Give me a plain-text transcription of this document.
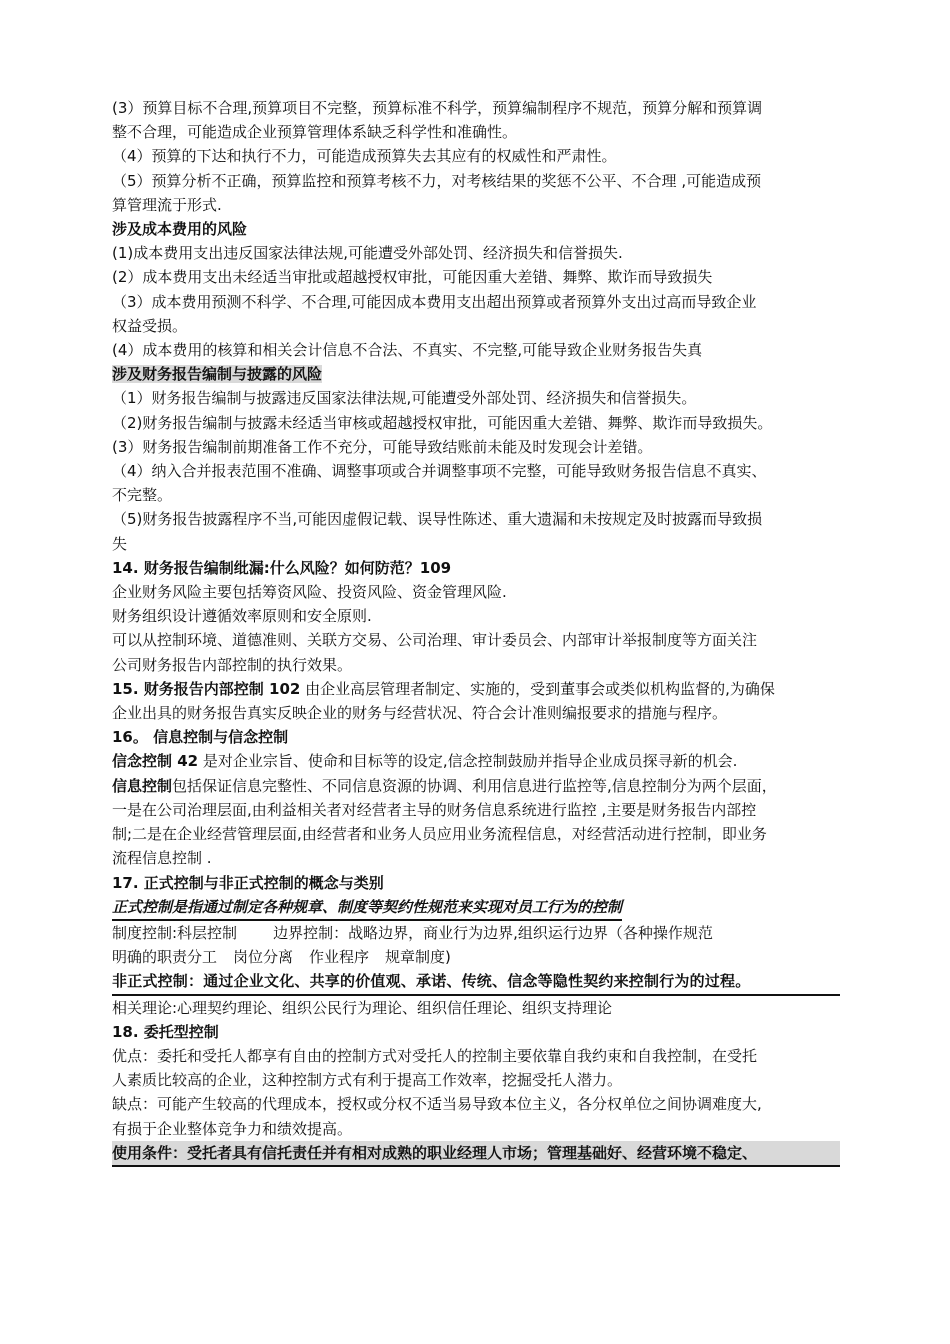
(3）预算目标不合理,预算项目不完整，预算标准不科学，预算编制程序不规范，预算分解和预算调

整不合理，可能造成企业预算管理体系缺乏科学性和准确性。

（4）预算的下达和执行不力，可能造成预算失去其应有的权威性和严肃性。

（5）预算分析不正确，预算监控和预算考核不力，对考核结果的奖惩不公平、不合理 ,可能造成预

算管理流于形式.

涉及成本费用的风险

(1)成本费用支出违反国家法律法规,可能遭受外部处罚、经济损失和信誉损失.

(2）成本费用支出未经适当审批或超越授权审批，可能因重大差错、舞弊、欺诈而导致损失

（3）成本费用预测不科学、不合理,可能因成本费用支出超出预算或者预算外支出过高而导致企业

权益受损。

(4）成本费用的核算和相关会计信息不合法、不真实、不完整,可能导致企业财务报告失真

涉及财务报告编制与披露的风险

（1）财务报告编制与披露违反国家法律法规,可能遭受外部处罚、经济损失和信誉损失。

（2)财务报告编制与披露未经适当审核或超越授权审批，可能因重大差错、舞弊、欺诈而导致损失。

(3）财务报告编制前期准备工作不充分，可能导致结账前未能及时发现会计差错。

（4）纳入合并报表范围不准确、调整事项或合并调整事项不完整，可能导致财务报告信息不真实、

不完整。

（5)财务报告披露程序不当,可能因虚假记载、误导性陈述、重大遗漏和未按规定及时披露而导致损

失

14. 财务报告编制纰漏:什么风险？如何防范？109

企业财务风险主要包括筹资风险、投资风险、资金管理风险.

财务组织设计遵循效率原则和安全原则.

可以从控制环境、道德准则、关联方交易、公司治理、审计委员会、内部审计举报制度等方面关注

公司财务报告内部控制的执行效果。

15. 财务报告内部控制 102 由企业高层管理者制定、实施的，受到董事会或类似机构监督的,为确保

企业出具的财务报告真实反映企业的财务与经营状况、符合会计准则编报要求的措施与程序。

16。 信息控制与信念控制

信念控制 42 是对企业宗旨、使命和目标等的设定,信念控制鼓励并指导企业成员探寻新的机会.

信息控制包括保证信息完整性、不同信息资源的协调、利用信息进行监控等,信息控制分为两个层面，

一是在公司治理层面,由利益相关者对经营者主导的财务信息系统进行监控 ,主要是财务报告内部控

制;二是在企业经营管理层面,由经营者和业务人员应用业务流程信息，对经营活动进行控制，即业务

流程信息控制 .

17. 正式控制与非正式控制的概念与类别

正式控制是指通过制定各种规章、制度等契约性规范来实现对员工行为的控制

制度控制:科层控制 边界控制：战略边界，商业行为边界,组织运行边界（各种操作规范

明确的职责分工 岗位分离 作业程序 规章制度)

非正式控制：通过企业文化、共享的价值观、承诺、传统、信念等隐性契约来控制行为的过程。

相关理论:心理契约理论、组织公民行为理论、组织信任理论、组织支持理论

18. 委托型控制

优点：委托和受托人都享有自由的控制方式对受托人的控制主要依靠自我约束和自我控制，在受托

人素质比较高的企业，这种控制方式有利于提高工作效率，挖掘受托人潜力。

缺点：可能产生较高的代理成本，授权或分权不适当易导致本位主义，各分权单位之间协调难度大,

有损于企业整体竞争力和绩效提高。

使用条件：受托者具有信托责任并有相对成熟的职业经理人市场；管理基础好、经营环境不稳定、
